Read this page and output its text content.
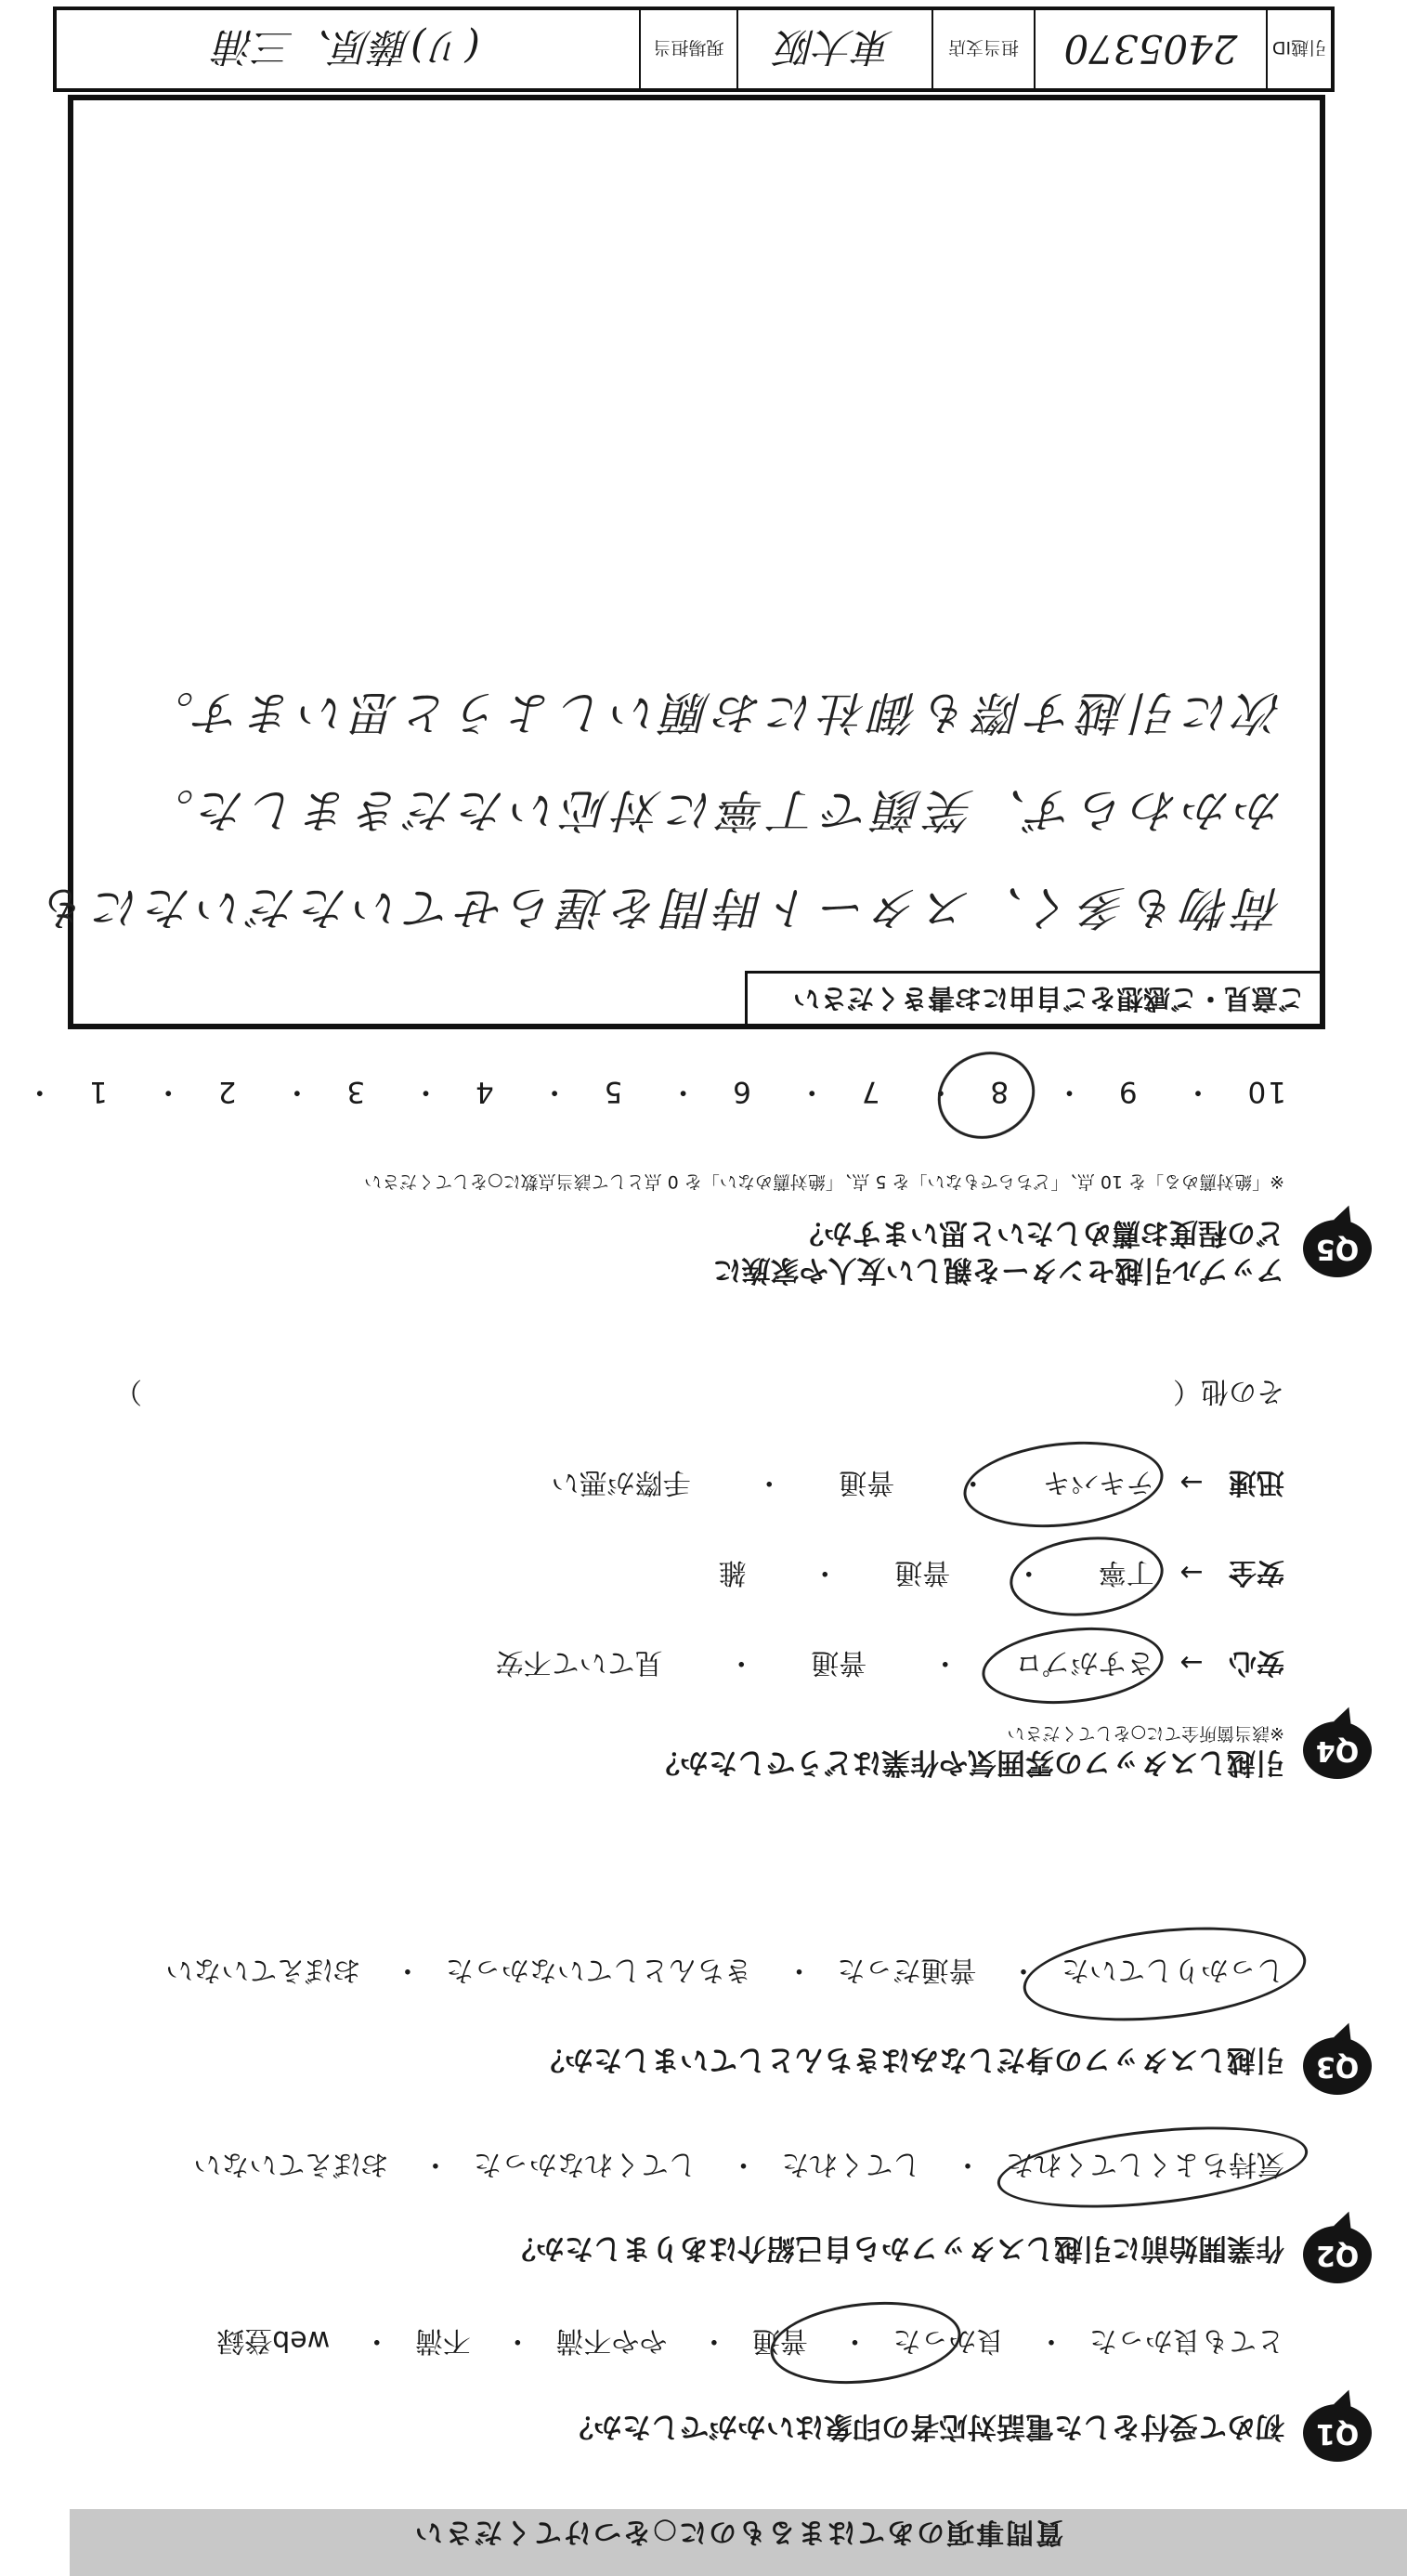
質問事項のあてはまるものに○をつけてください
Q1
初めて受付をした電話対応者の印象はいかがでしたか？
とても良かった・ 良かった・ 普通・ やや不満・ 不満・ web登録
Q2
作業開始前に引越しスタッフから自己紹介はありましたか？
気持ちよくしてくれた・ してくれた・ してくれなかった・ おぼえていない
Q3
引越しスタッフの身だしなみはきちんとしていましたか？
しっかりしていた・ 普通だった・ きちんとしていなかった・ おぼえていない
Q4
引越しスタッフの雰囲気や作業はどうでしたか？
※該当箇所全てに○をしてください
安心 → さすがプロ・ 普通・ 見ていて不安
安全 → 丁寧・ 普通・ 雑
迅速 → テキパキ・ 普通・ 手際が悪い
その他（
）
Q5
アップル引越センターを親しい友人や家族に
どの程度お薦めしたいと思いますか？
※「絶対薦める」を 10 点、「どちらでもない」を 5 点、「絶対薦めない」を 0 点として該当点数に○をしてください
10・ 9・ 8・ 7・ 6・ 5・ 4・ 3・ 2・ 1・
ご意見・ご感想をご自由にお書きください
荷物も多く、スタート時間を遅らせていただいたにも
かかわらず、笑顔で丁寧に対応いただきました。
次に引越す際も御社にお願いしようと思います。
引越ID
2405370
担当支店
東大阪
現場担当
(リ)藤原、三浦
